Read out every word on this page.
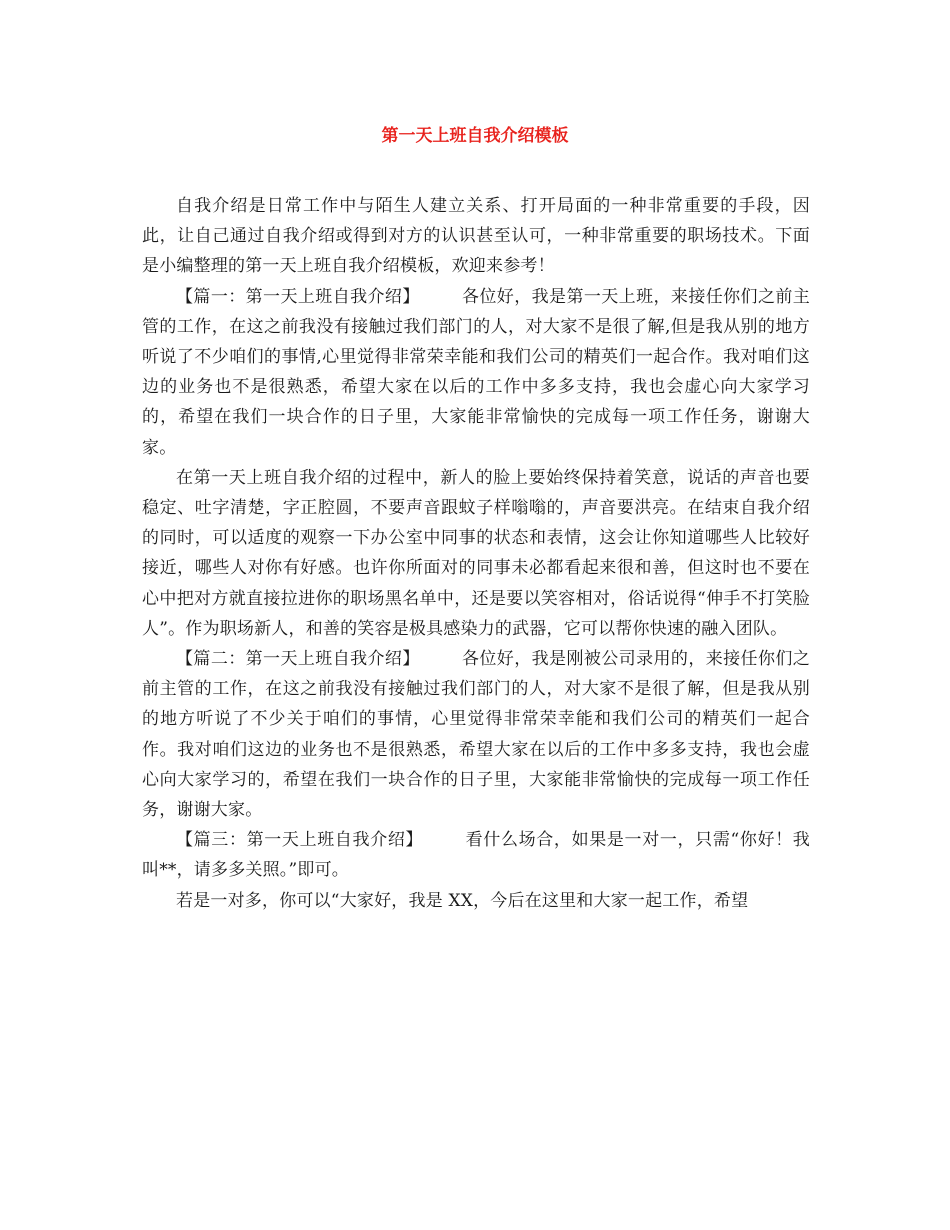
第一天上班自我介绍模板

自我介绍是日常工作中与陌生人建立关系、打开局面的一种非常重要的手段，因此，让自己通过自我介绍或得到对方的认识甚至认可，一种非常重要的职场技术。下面是小编整理的第一天上班自我介绍模板，欢迎来参考！

【篇一：第一天上班自我介绍】 各位好，我是第一天上班，来接任你们之前主管的工作，在这之前我没有接触过我们部门的人，对大家不是很了解,但是我从别的地方听说了不少咱们的事情,心里觉得非常荣幸能和我们公司的精英们一起合作。我对咱们这边的业务也不是很熟悉，希望大家在以后的工作中多多支持，我也会虚心向大家学习的，希望在我们一块合作的日子里，大家能非常愉快的完成每一项工作任务，谢谢大家。

在第一天上班自我介绍的过程中，新人的脸上要始终保持着笑意，说话的声音也要稳定、吐字清楚，字正腔圆，不要声音跟蚊子样嗡嗡的，声音要洪亮。在结束自我介绍的同时，可以适度的观察一下办公室中同事的状态和表情，这会让你知道哪些人比较好接近，哪些人对你有好感。也许你所面对的同事未必都看起来很和善，但这时也不要在心中把对方就直接拉进你的职场黑名单中，还是要以笑容相对，俗话说得“伸手不打笑脸人”。作为职场新人，和善的笑容是极具感染力的武器，它可以帮你快速的融入团队。

【篇二：第一天上班自我介绍】 各位好，我是刚被公司录用的，来接任你们之前主管的工作，在这之前我没有接触过我们部门的人，对大家不是很了解，但是我从别的地方听说了不少关于咱们的事情，心里觉得非常荣幸能和我们公司的精英们一起合作。我对咱们这边的业务也不是很熟悉，希望大家在以后的工作中多多支持，我也会虚心向大家学习的，希望在我们一块合作的日子里，大家能非常愉快的完成每一项工作任务，谢谢大家。

【篇三：第一天上班自我介绍】 看什么场合，如果是一对一，只需“你好！我叫**，请多多关照。”即可。

若是一对多，你可以“大家好，我是 XX，今后在这里和大家一起工作，希望
